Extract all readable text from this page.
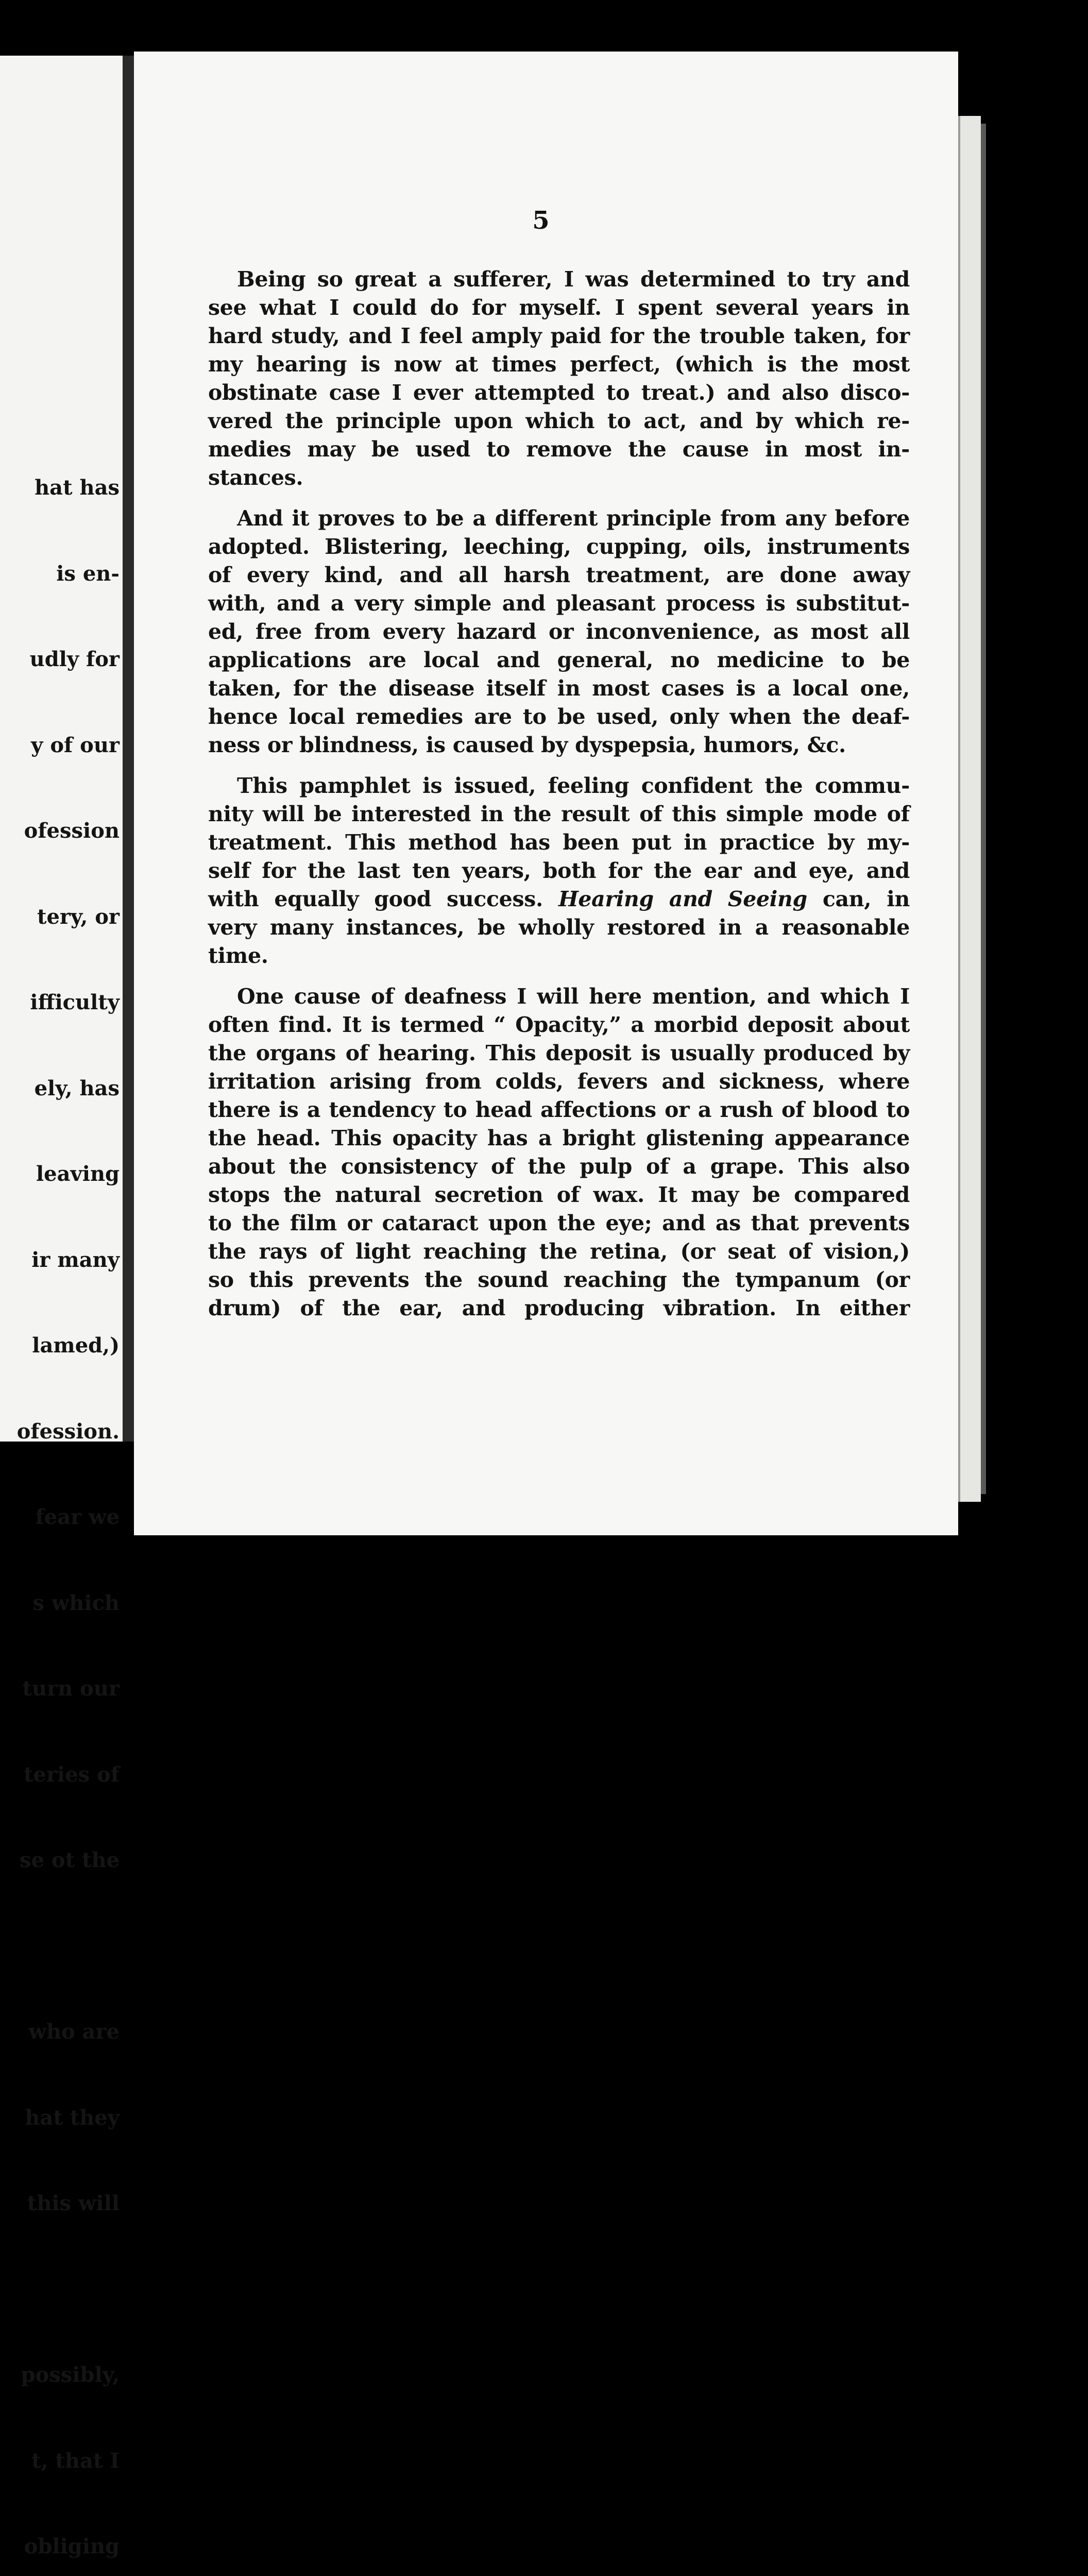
hat has

is en-

udly for

y of our

ofession

tery, or

ifficulty

ely, has

leaving

ir many

lamed,)

ofession.

fear we

s which

turn our

teries of

se ot the

who are

hat they

this will

possibly,

t, that I

obliging

5
Being so great a sufferer, I was determined to try and
see what I could do for myself. I spent several years in
hard study, and I feel amply paid for the trouble taken, for
my hearing is now at times perfect, (which is the most
obstinate case I ever attempted to treat.) and also disco-
vered the principle upon which to act, and by which re-
medies may be used to remove the cause in most in-
stances.
And it proves to be a different principle from any before
adopted. Blistering, leeching, cupping, oils, instruments
of every kind, and all harsh treatment, are done away
with, and a very simple and pleasant process is substitut-
ed, free from every hazard or inconvenience, as most all
applications are local and general, no medicine to be
taken, for the disease itself in most cases is a local one,
hence local remedies are to be used, only when the deaf-
ness or blindness, is caused by dyspepsia, humors, &c.
This pamphlet is issued, feeling confident the commu-
nity will be interested in the result of this simple mode of
treatment. This method has been put in practice by my-
self for the last ten years, both for the ear and eye, and
with equally good success. Hearing and Seeing can, in
very many instances, be wholly restored in a reasonable
time.
One cause of deafness I will here mention, and which I
often find. It is termed “ Opacity,” a morbid deposit about
the organs of hearing. This deposit is usually produced by
irritation arising from colds, fevers and sickness, where
there is a tendency to head affections or a rush of blood to
the head. This opacity has a bright glistening appearance
about the consistency of the pulp of a grape. This also
stops the natural secretion of wax. It may be compared
to the film or cataract upon the eye; and as that prevents
the rays of light reaching the retina, (or seat of vision,)
so this prevents the sound reaching the tympanum (or
drum) of the ear, and producing vibration. In either
